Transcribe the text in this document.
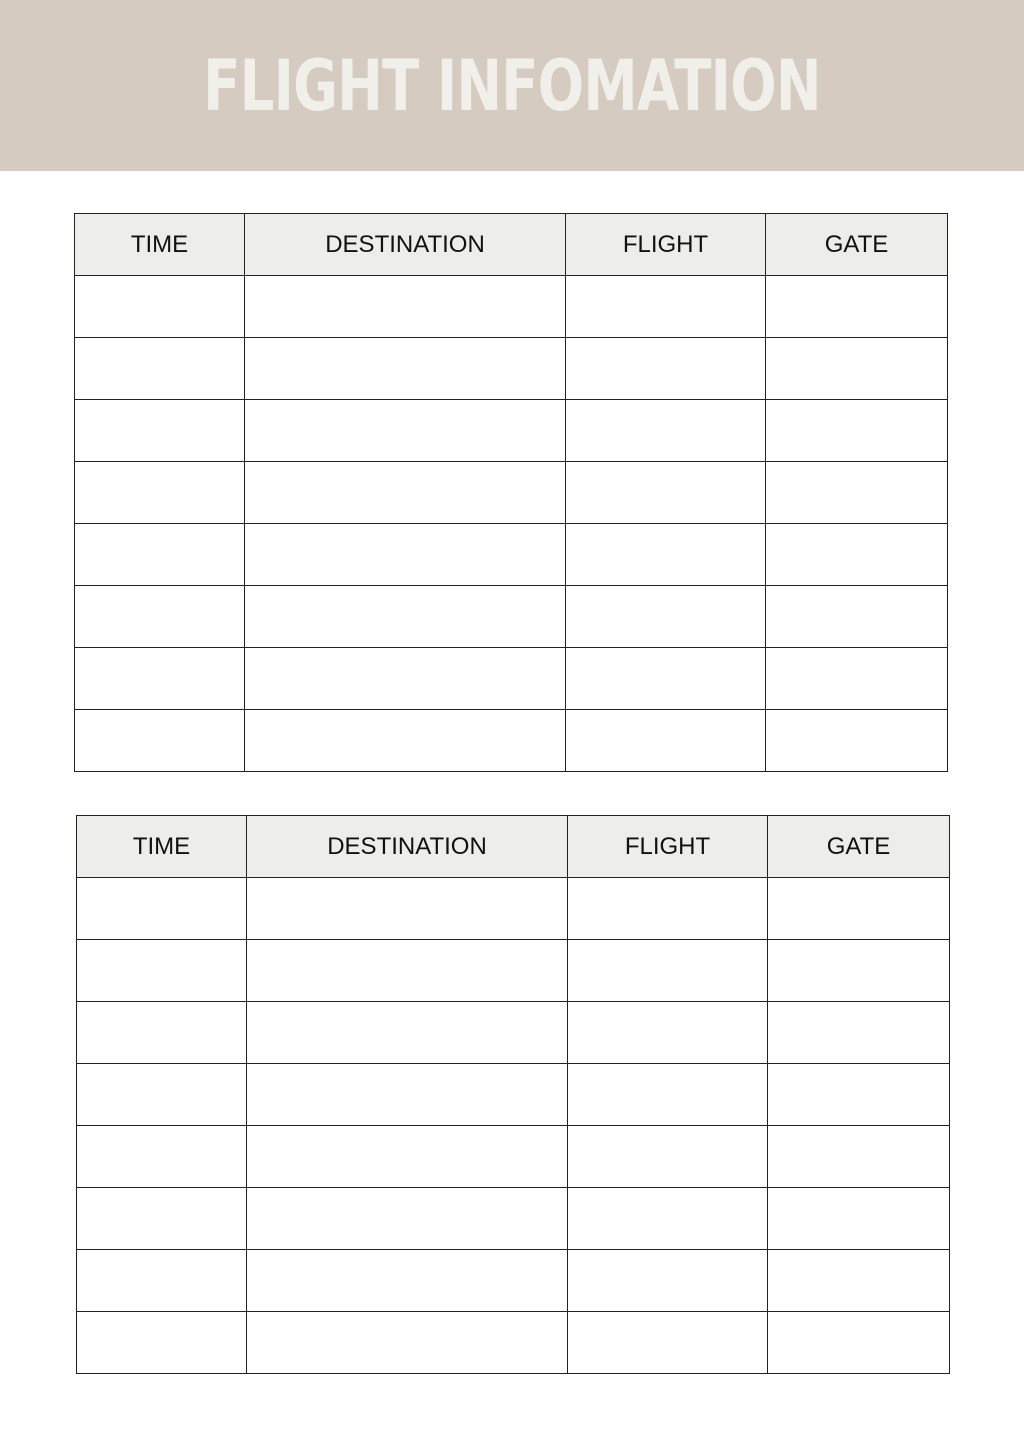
FLIGHT INFOMATION
TIME	DESTINATION	FLIGHT	GATE

TIME	DESTINATION	FLIGHT	GATE
